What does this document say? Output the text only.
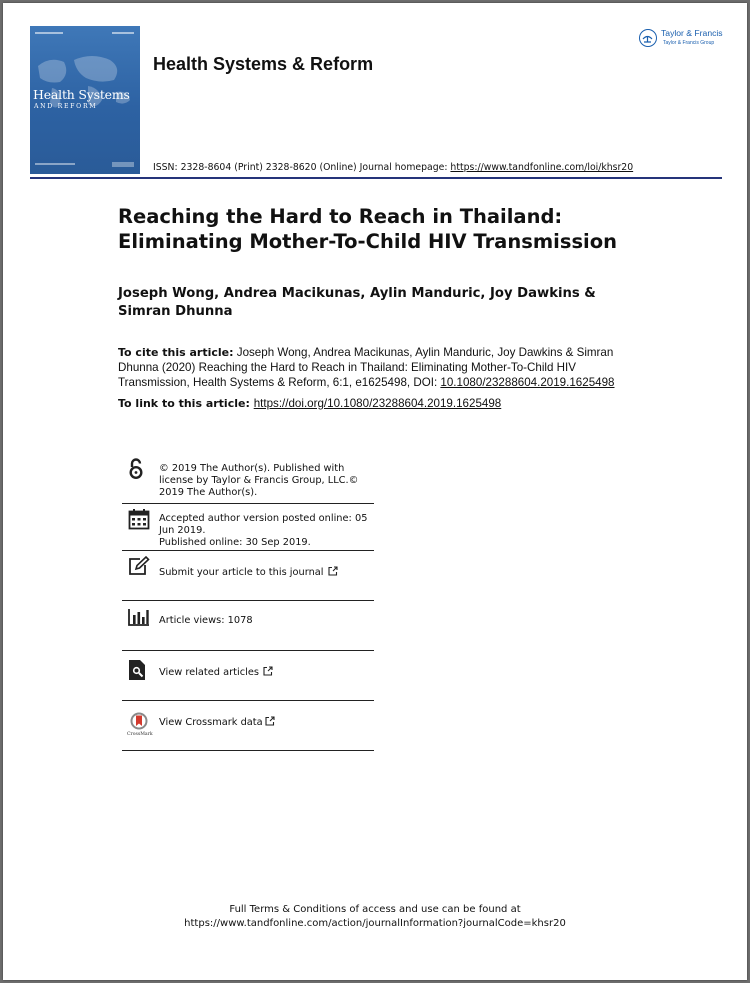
Health Systems
AND REFORM
Health Systems & Reform
Taylor & Francis
Taylor & Francis Group
ISSN: 2328-8604 (Print) 2328-8620 (Online) Journal homepage: https://www.tandfonline.com/loi/khsr20
Reaching the Hard to Reach in Thailand: Eliminating Mother-To-Child HIV Transmission
Joseph Wong, Andrea Macikunas, Aylin Manduric, Joy Dawkins & Simran Dhunna
To cite this article: Joseph Wong, Andrea Macikunas, Aylin Manduric, Joy Dawkins & Simran Dhunna (2020) Reaching the Hard to Reach in Thailand: Eliminating Mother-To-Child HIV Transmission, Health Systems & Reform, 6:1, e1625498, DOI: 10.1080/23288604.2019.1625498
To link to this article: https://doi.org/10.1080/23288604.2019.1625498
© 2019 The Author(s). Published with license by Taylor & Francis Group, LLC.© 2019 The Author(s).
Accepted author version posted online: 05 Jun 2019.
Published online: 30 Sep 2019.
Submit your article to this journal
Article views: 1078
View related articles
CrossMark
View Crossmark data
Full Terms & Conditions of access and use can be found at
https://www.tandfonline.com/action/journalInformation?journalCode=khsr20
